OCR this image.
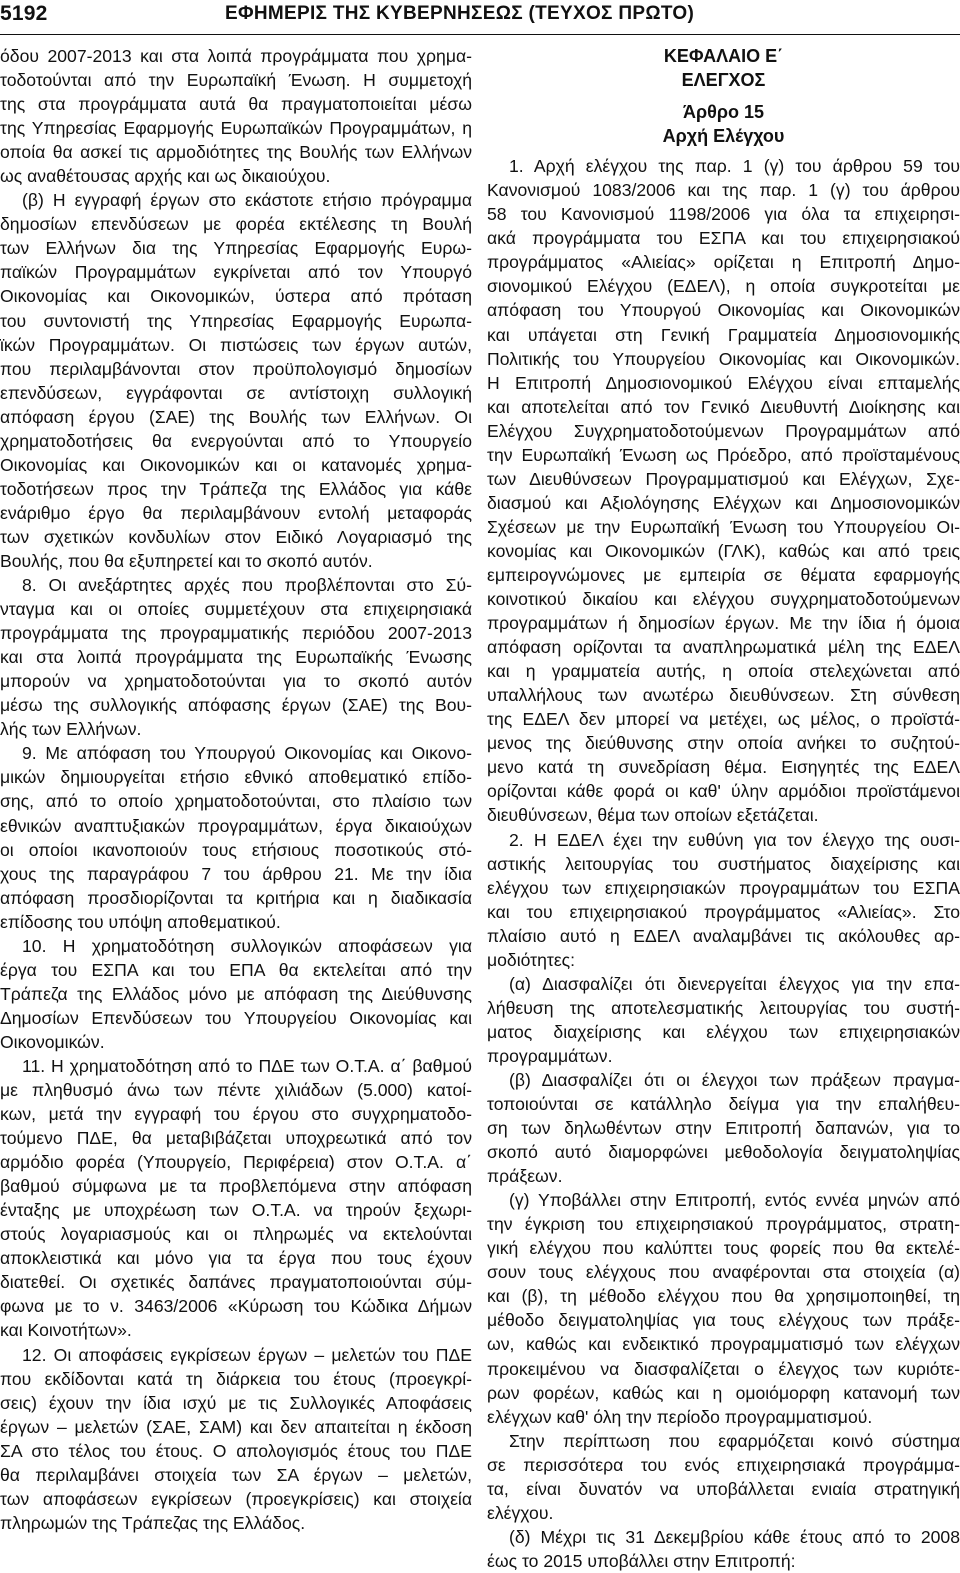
5192	ΕΦΗΜΕΡΙΣ ΤΗΣ ΚΥΒΕΡΝΗΣΕΩΣ (ΤΕΥΧΟΣ ΠΡΩΤΟ)
όδου 2007-2013 και στα λοιπά προγράμματα που χρημα-
τοδοτούνται από την Ευρωπαϊκή Ένωση. Η συμμετοχή
της στα προγράμματα αυτά θα πραγματοποιείται μέσω
της Υπηρεσίας Εφαρμογής Ευρωπαϊκών Προγραμμάτων, η
οποία θα ασκεί τις αρμοδιότητες της Βουλής των Ελλήνων
ως αναθέτουσας αρχής και ως δικαιούχου.
(β) Η εγγραφή έργων στο εκάστοτε ετήσιο πρόγραμμα
δημοσίων επενδύσεων με φορέα εκτέλεσης τη Βουλή
των Ελλήνων δια της Υπηρεσίας Εφαρμογής Ευρω-
παϊκών Προγραμμάτων εγκρίνεται από τον Υπουργό
Οικονομίας και Οικονομικών, ύστερα από πρόταση
του συντονιστή της Υπηρεσίας Εφαρμογής Ευρωπα-
ϊκών Προγραμμάτων. Οι πιστώσεις των έργων αυτών,
που περιλαμβάνονται στον προϋπολογισμό δημοσίων
επενδύσεων, εγγράφονται σε αντίστοιχη συλλογική
απόφαση έργου (ΣΑΕ) της Βουλής των Ελλήνων. Οι
χρηματοδοτήσεις θα ενεργούνται από το Υπουργείο
Οικονομίας και Οικονομικών και οι κατανομές χρημα-
τοδοτήσεων προς την Τράπεζα της Ελλάδος για κάθε
ενάριθμο έργο θα περιλαμβάνουν εντολή μεταφοράς
των σχετικών κονδυλίων στον Ειδικό Λογαριασμό της
Βουλής, που θα εξυπηρετεί και το σκοπό αυτόν.
8. Οι ανεξάρτητες αρχές που προβλέπονται στο Σύ-
νταγμα και οι οποίες συμμετέχουν στα επιχειρησιακά
προγράμματα της προγραμματικής περιόδου 2007-2013
και στα λοιπά προγράμματα της Ευρωπαϊκής Ένωσης
μπορούν να χρηματοδοτούνται για το σκοπό αυτόν
μέσω της συλλογικής απόφασης έργων (ΣΑΕ) της Βου-
λής των Ελλήνων.
9. Με απόφαση του Υπουργού Οικονομίας και Οικονο-
μικών δημιουργείται ετήσιο εθνικό αποθεματικό επίδο-
σης, από το οποίο χρηματοδοτούνται, στο πλαίσιο των
εθνικών αναπτυξιακών προγραμμάτων, έργα δικαιούχων
οι οποίοι ικανοποιούν τους ετήσιους ποσοτικούς στό-
χους της παραγράφου 7 του άρθρου 21. Με την ίδια
απόφαση προσδιορίζονται τα κριτήρια και η διαδικασία
επίδοσης του υπόψη αποθεματικού.
10. Η χρηματοδότηση συλλογικών αποφάσεων για
έργα του ΕΣΠΑ και του ΕΠΑ θα εκτελείται από την
Τράπεζα της Ελλάδος μόνο με απόφαση της Διεύθυνσης
Δημοσίων Επενδύσεων του Υπουργείου Οικονομίας και
Οικονομικών.
11. Η χρηματοδότηση από το ΠΔΕ των Ο.Τ.Α. α΄ βαθμού
με πληθυσμό άνω των πέντε χιλιάδων (5.000) κατοί-
κων, μετά την εγγραφή του έργου στο συγχρηματοδο-
τούμενο ΠΔΕ, θα μεταβιβάζεται υποχρεωτικά από τον
αρμόδιο φορέα (Υπουργείο, Περιφέρεια) στον Ο.Τ.Α. α΄
βαθμού σύμφωνα με τα προβλεπόμενα στην απόφαση
ένταξης με υποχρέωση των Ο.Τ.Α. να τηρούν ξεχωρι-
στούς λογαριασμούς και οι πληρωμές να εκτελούνται
αποκλειστικά και μόνο για τα έργα που τους έχουν
διατεθεί. Οι σχετικές δαπάνες πραγματοποιούνται σύμ-
φωνα με το ν. 3463/2006 «Κύρωση του Κώδικα Δήμων
και Κοινοτήτων».
12. Οι αποφάσεις εγκρίσεων έργων – μελετών του ΠΔΕ
που εκδίδονται κατά τη διάρκεια του έτους (προεγκρί-
σεις) έχουν την ίδια ισχύ με τις Συλλογικές Αποφάσεις
έργων – μελετών (ΣΑΕ, ΣΑΜ) και δεν απαιτείται η έκδοση
ΣΑ στο τέλος του έτους. Ο απολογισμός έτους του ΠΔΕ
θα περιλαμβάνει στοιχεία των ΣΑ έργων – μελετών,
των αποφάσεων εγκρίσεων (προεγκρίσεις) και στοιχεία
πληρωμών της Τράπεζας της Ελλάδος.
ΚΕΦΑΛΑΙΟ Ε΄
ΕΛΕΓΧΟΣ
Άρθρο 15
Αρχή Ελέγχου
1. Αρχή ελέγχου της παρ. 1 (γ) του άρθρου 59 του
Κανονισμού 1083/2006 και της παρ. 1 (γ) του άρθρου
58 του Κανονισμού 1198/2006 για όλα τα επιχειρησι-
ακά προγράμματα του ΕΣΠΑ και του επιχειρησιακού
προγράμματος «Αλιείας» ορίζεται η Επιτροπή Δημο-
σιονομικού Ελέγχου (ΕΔΕΛ), η οποία συγκροτείται με
απόφαση του Υπουργού Οικονομίας και Οικονομικών
και υπάγεται στη Γενική Γραμματεία Δημοσιονομικής
Πολιτικής του Υπουργείου Οικονομίας και Οικονομικών.
Η Επιτροπή Δημοσιονομικού Ελέγχου είναι επταμελής
και αποτελείται από τον Γενικό Διευθυντή Διοίκησης και
Ελέγχου Συγχρηματοδοτούμενων Προγραμμάτων από
την Ευρωπαϊκή Ένωση ως Πρόεδρο, από προϊσταμένους
των Διευθύνσεων Προγραμματισμού και Ελέγχων, Σχε-
διασμού και Αξιολόγησης Ελέγχων και Δημοσιονομικών
Σχέσεων με την Ευρωπαϊκή Ένωση του Υπουργείου Οι-
κονομίας και Οικονομικών (ΓΛΚ), καθώς και από τρεις
εμπειρογνώμονες με εμπειρία σε θέματα εφαρμογής
κοινοτικού δικαίου και ελέγχου συγχρηματοδοτούμενων
προγραμμάτων ή δημοσίων έργων. Με την ίδια ή όμοια
απόφαση ορίζονται τα αναπληρωματικά μέλη της ΕΔΕΛ
και η γραμματεία αυτής, η οποία στελεχώνεται από
υπαλλήλους των ανωτέρω διευθύνσεων. Στη σύνθεση
της ΕΔΕΛ δεν μπορεί να μετέχει, ως μέλος, ο προϊστά-
μενος της διεύθυνσης στην οποία ανήκει το συζητού-
μενο κατά τη συνεδρίαση θέμα. Εισηγητές της ΕΔΕΛ
ορίζονται κάθε φορά οι καθ' ύλην αρμόδιοι προϊστάμενοι
διευθύνσεων, θέμα των οποίων εξετάζεται.
2. Η ΕΔΕΛ έχει την ευθύνη για τον έλεγχο της ουσι-
αστικής λειτουργίας του συστήματος διαχείρισης και
ελέγχου των επιχειρησιακών προγραμμάτων του ΕΣΠΑ
και του επιχειρησιακού προγράμματος «Αλιείας». Στο
πλαίσιο αυτό η ΕΔΕΛ αναλαμβάνει τις ακόλουθες αρ-
μοδιότητες:
(α) Διασφαλίζει ότι διενεργείται έλεγχος για την επα-
λήθευση της αποτελεσματικής λειτουργίας του συστή-
ματος διαχείρισης και ελέγχου των επιχειρησιακών
προγραμμάτων.
(β) Διασφαλίζει ότι οι έλεγχοι των πράξεων πραγμα-
τοποιούνται σε κατάλληλο δείγμα για την επαλήθευ-
ση των δηλωθέντων στην Επιτροπή δαπανών, για το
σκοπό αυτό διαμορφώνει μεθοδολογία δειγματοληψίας
πράξεων.
(γ) Υποβάλλει στην Επιτροπή, εντός εννέα μηνών από
την έγκριση του επιχειρησιακού προγράμματος, στρατη-
γική ελέγχου που καλύπτει τους φορείς που θα εκτελέ-
σουν τους ελέγχους που αναφέρονται στα στοιχεία (α)
και (β), τη μέθοδο ελέγχου που θα χρησιμοποιηθεί, τη
μέθοδο δειγματοληψίας για τους ελέγχους των πράξε-
ων, καθώς και ενδεικτικό προγραμματισμό των ελέγχων
προκειμένου να διασφαλίζεται ο έλεγχος των κυριότε-
ρων φορέων, καθώς και η ομοιόμορφη κατανομή των
ελέγχων καθ' όλη την περίοδο προγραμματισμού.
Στην περίπτωση που εφαρμόζεται κοινό σύστημα
σε περισσότερα του ενός επιχειρησιακά προγράμμα-
τα, είναι δυνατόν να υποβάλλεται ενιαία στρατηγική
ελέγχου.
(δ) Μέχρι τις 31 Δεκεμβρίου κάθε έτους από το 2008
έως το 2015 υποβάλλει στην Επιτροπή:
